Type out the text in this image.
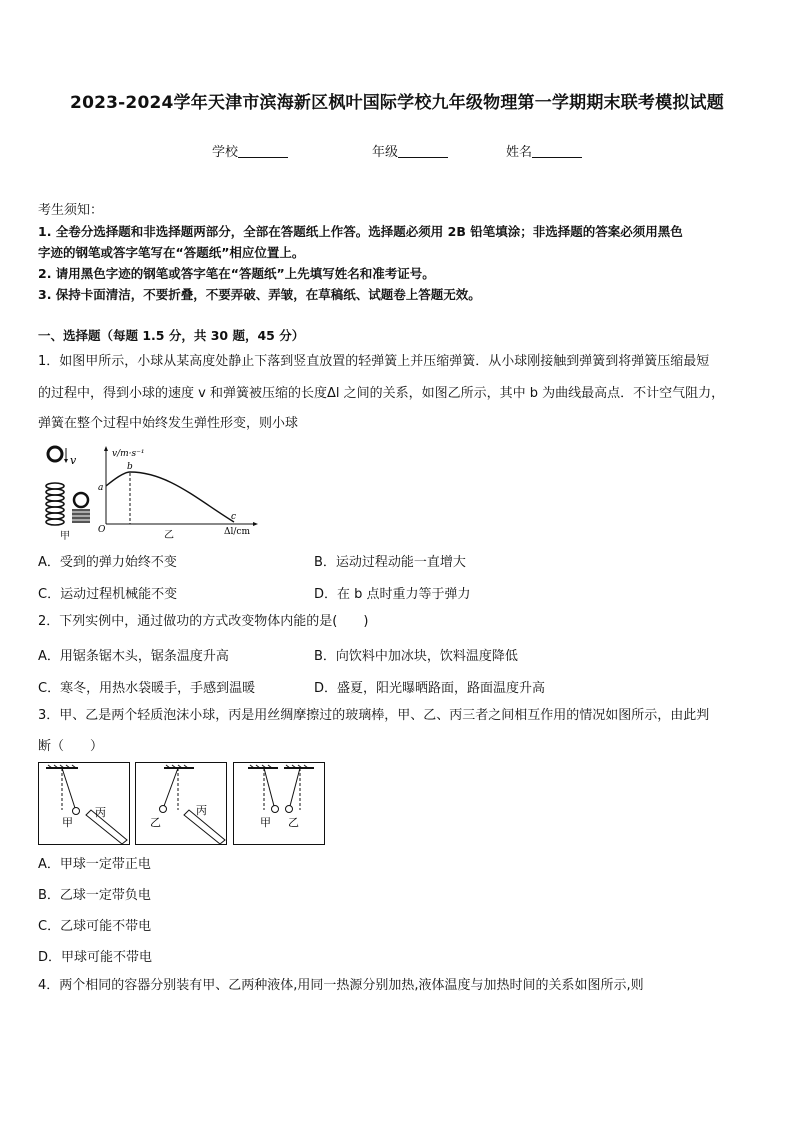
2023-2024学年天津市滨海新区枫叶国际学校九年级物理第一学期期末联考模拟试题
学校	年级	姓名
考生须知：
1. 全卷分选择题和非选择题两部分，全部在答题纸上作答。选择题必须用 2B 铅笔填涂；非选择题的答案必须用黑色
字迹的钢笔或答字笔写在“答题纸”相应位置上。
2. 请用黑色字迹的钢笔或答字笔在“答题纸”上先填写姓名和准考证号。
3. 保持卡面清洁，不要折叠，不要弄破、弄皱，在草稿纸、试题卷上答题无效。
一、选择题（每题 1.5 分，共 30 题，45 分）
1．如图甲所示，小球从某高度处静止下落到竖直放置的轻弹簧上并压缩弹簧．从小球刚接触到弹簧到将弹簧压缩最短
的过程中，得到小球的速度 v 和弹簧被压缩的长度Δl 之间的关系，如图乙所示，其中 b 为曲线最高点．不计空气阻力，
弹簧在整个过程中始终发生弹性形变，则小球
v
甲
v/m·s⁻¹
a
b
c
O	Δl/cm
乙
A．受到的弹力始终不变	B．运动过程动能一直增大
C．运动过程机械能不变	D．在 b 点时重力等于弹力
2．下列实例中，通过做功的方式改变物体内能的是(　　)
A．用锯条锯木头，锯条温度升高	B．向饮料中加冰块，饮料温度降低
C．寒冬，用热水袋暖手，手感到温暖	D．盛夏，阳光曝晒路面，路面温度升高
3．甲、乙是两个轻质泡沫小球，丙是用丝绸摩擦过的玻璃棒，甲、乙、丙三者之间相互作用的情况如图所示，由此判
断（　　）
甲
丙
乙
丙
甲 乙
A．甲球一定带正电
B．乙球一定带负电
C．乙球可能不带电
D．甲球可能不带电
4．两个相同的容器分别装有甲、乙两种液体,用同一热源分别加热,液体温度与加热时间的关系如图所示,则
